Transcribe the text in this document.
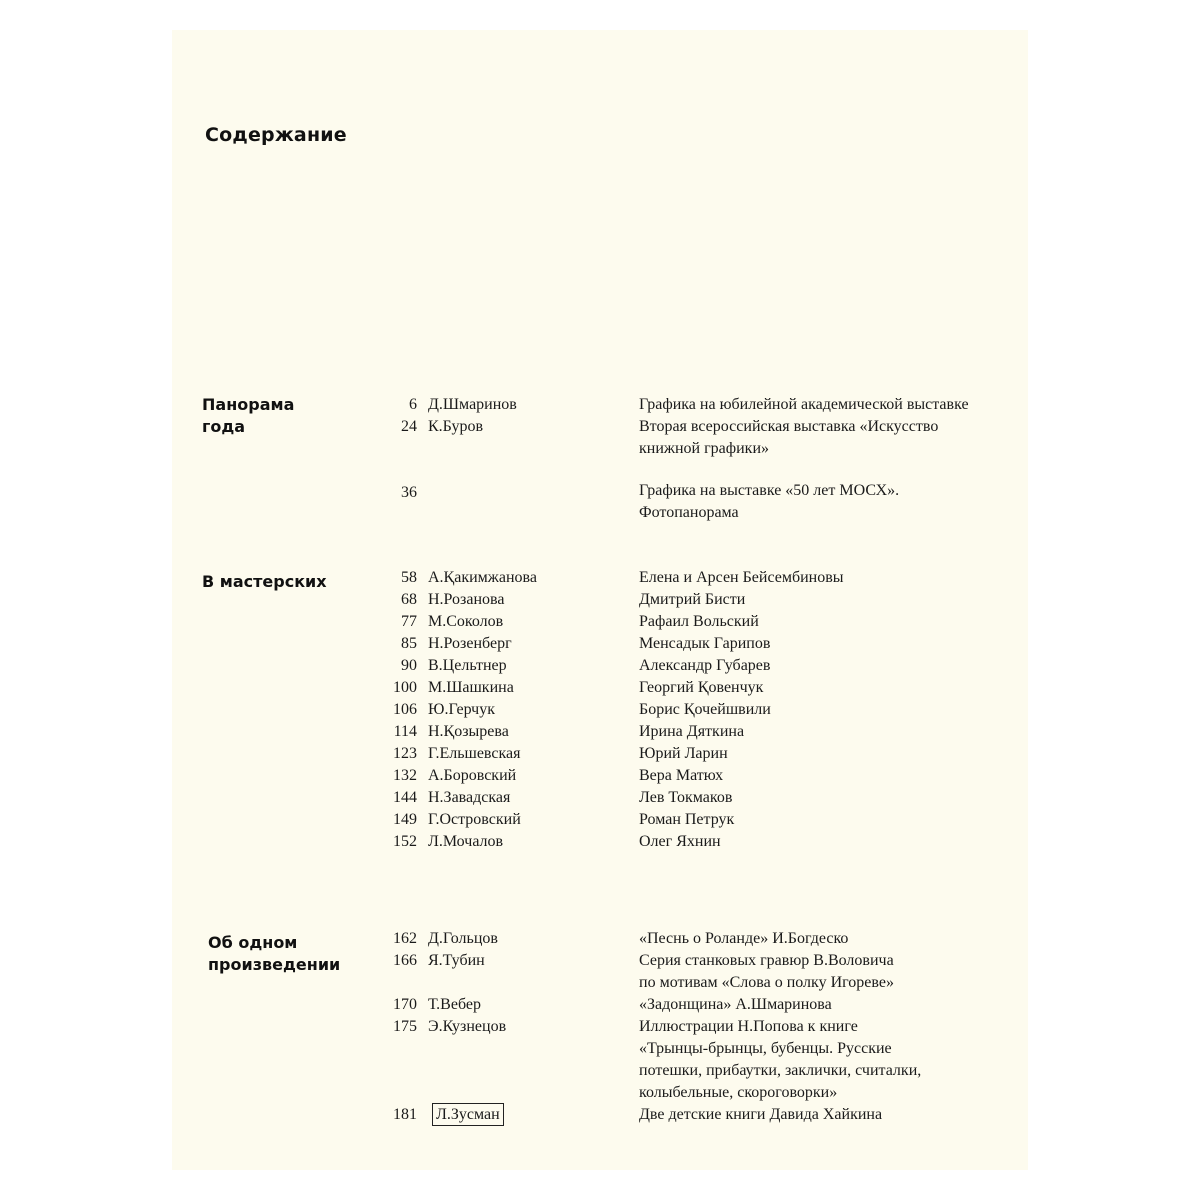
Содержание
Панорама
года
6 Д.Шмаринов	Графика на юбилейной академической выставке
24 К.Буров	Вторая всероссийская выставка «Искусство
книжной графики»
36	Графика на выставке «50 лет МОСХ».
Фотопанорама
В мастерских	58 А.Қакимжанова	Елена и Арсен Бейсембиновы
68 Н.Розанова	Дмитрий Бисти
77 М.Соколов	Рафаил Вольский
85 Н.Розенберг	Менсадык Гарипов
90 В.Цельтнер	Александр Губарев
100 М.Шашкина	Георгий Қовенчук
106 Ю.Герчук	Борис Қочейшвили
114 Н.Қозырева	Ирина Дяткина
123 Г.Ельшевская	Юрий Ларин
132 А.Боровский	Вера Матюх
144 Н.Завадская	Лев Токмаков
149 Г.Островский	Роман Петрук
152 Л.Мочалов	Олег Яхнин
Об одном
произведении
162 Д.Гольцов	«Песнь о Роланде» И.Богдеско
166 Я.Тубин	Серия станковых гравюр В.Воловича
по мотивам «Слова о полку Игореве»
170 Т.Вебер	«Задонщина» А.Шмаринова
175 Э.Кузнецов	Иллюстрации Н.Попова к книге
«Трынцы-брынцы, бубенцы. Русские
потешки, прибаутки, заклички, считалки,
колыбельные, скороговорки»
181 Л.Зусман	Две детские книги Давида Хайкина
